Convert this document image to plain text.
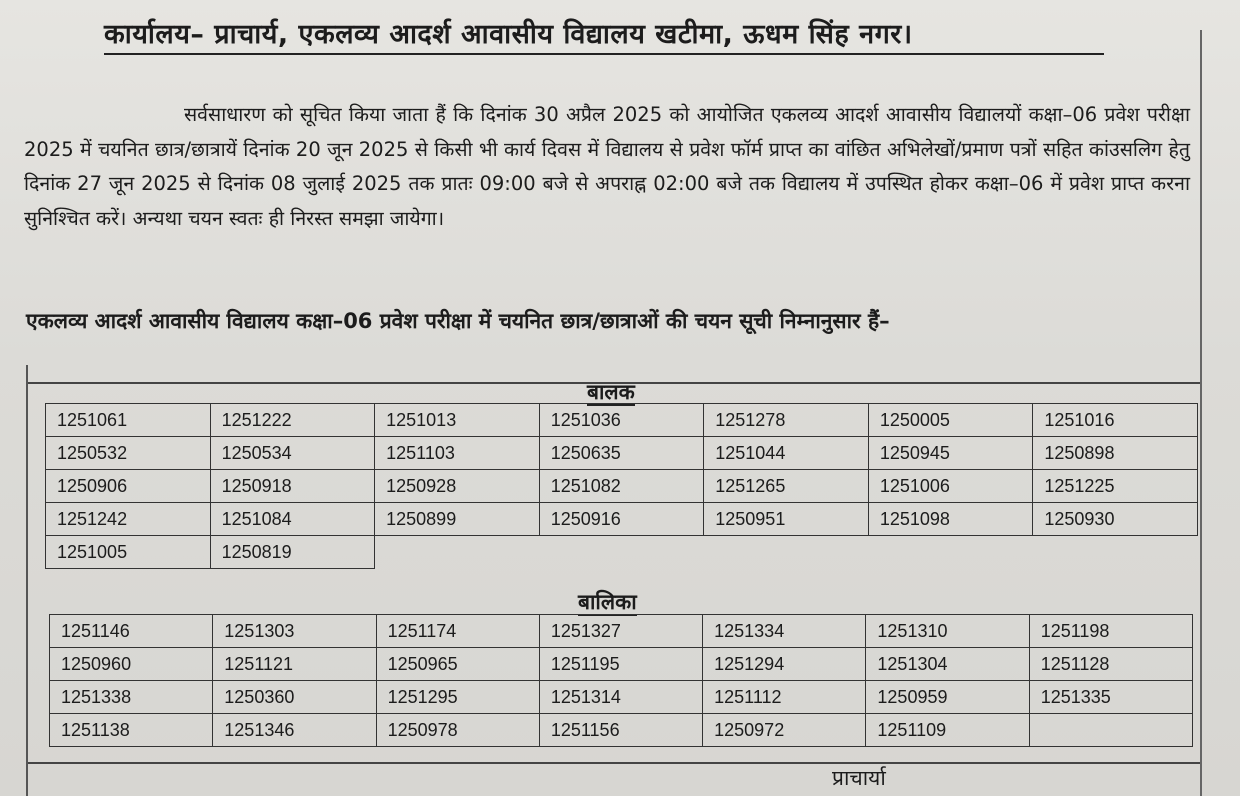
कार्यालय– प्राचार्य, एकलव्य आदर्श आवासीय विद्यालय खटीमा, ऊधम सिंह नगर।
सर्वसाधारण को सूचित किया जाता हैं कि दिनांक 30 अप्रैल 2025 को आयोजित एकलव्य आदर्श आवासीय विद्यालयों कक्षा–06 प्रवेश परीक्षा 2025 में चयनित छात्र/छात्रायें दिनांक 20 जून 2025 से किसी भी कार्य दिवस में विद्यालय से प्रवेश फॉर्म प्राप्त का वांछित अभिलेखों/प्रमाण पत्रों सहित कांउसलिग हेतु दिनांक 27 जून 2025 से दिनांक 08 जुलाई 2025 तक प्रातः 09:00 बजे से अपराह्न 02:00 बजे तक विद्यालय में उपस्थित होकर कक्षा–06 में प्रवेश प्राप्त करना सुनिश्चित करें। अन्यथा चयन स्वतः ही निरस्त समझा जायेगा।
एकलव्य आदर्श आवासीय विद्यालय कक्षा–06 प्रवेश परीक्षा में चयनित छात्र/छात्राओं की चयन सूची निम्नानुसार हैं–
बालक
1251061	1251222	1251013	1251036	1251278	1250005	1251016
1250532	1250534	1251103	1250635	1251044	1250945	1250898
1250906	1250918	1250928	1251082	1251265	1251006	1251225
1251242	1251084	1250899	1250916	1250951	1251098	1250930
1251005	1250819					
बालिका
1251146	1251303	1251174	1251327	1251334	1251310	1251198
1250960	1251121	1250965	1251195	1251294	1251304	1251128
1251338	1250360	1251295	1251314	1251112	1250959	1251335
1251138	1251346	1250978	1251156	1250972	1251109	
प्राचार्या
